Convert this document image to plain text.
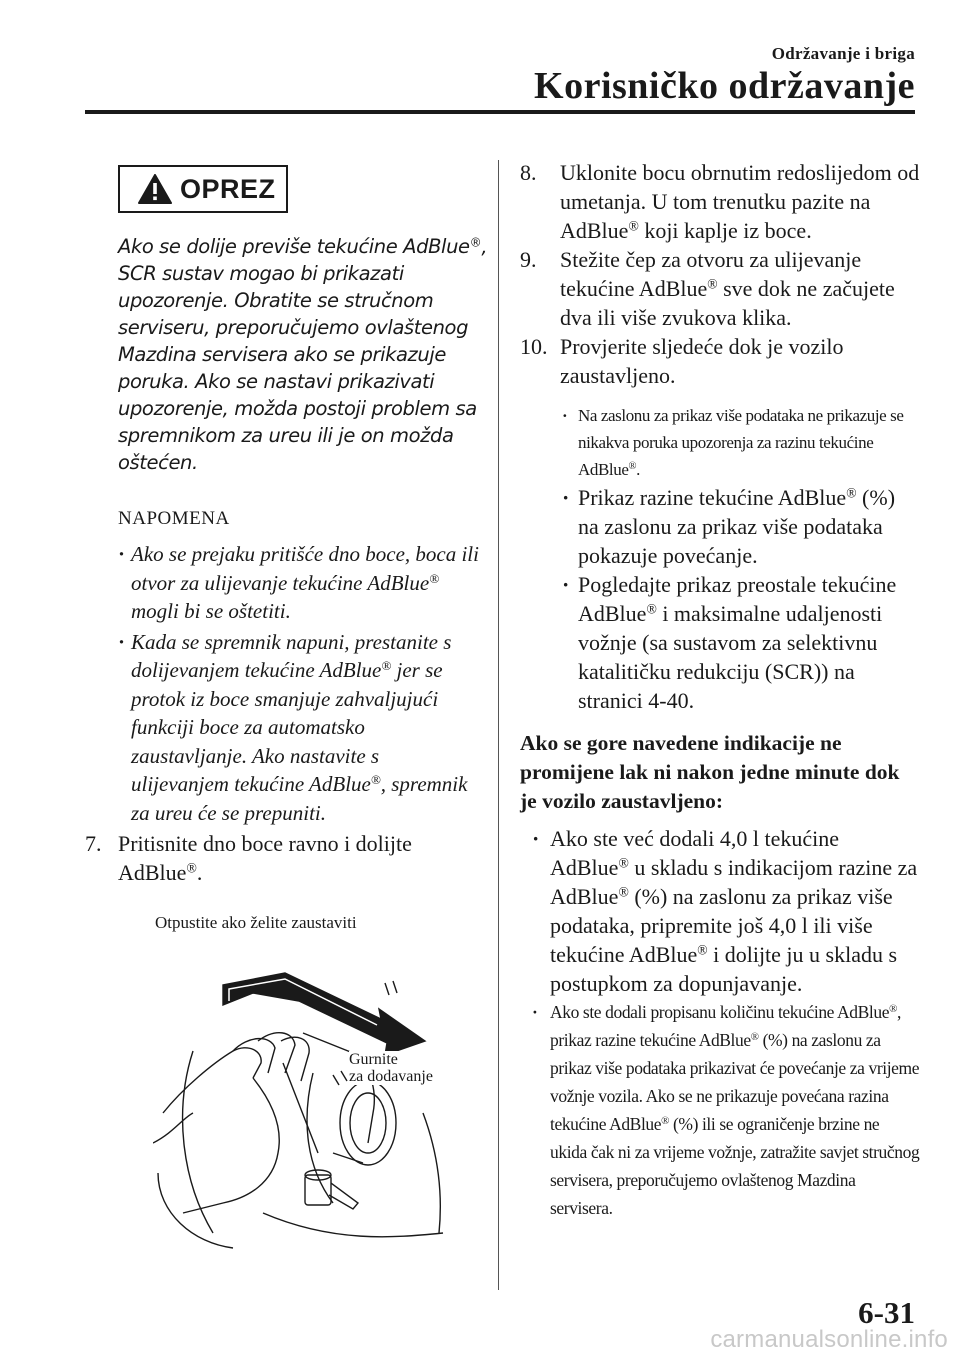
Održavanje i briga
Korisničko održavanje
OPREZ
Ako se dolije previše tekućine AdBlue®, SCR sustav mogao bi prikazati upozorenje. Obratite se stručnom serviseru, preporučujemo ovlaštenog Mazdinа servisera ako se prikazuje poruka. Ako se nastavi prikazivati upozorenje, možda postoji problem sa spremnikom za ureu ili je on možda oštećen.
NAPOMENA
· Ako se prejaku pritišće dno boce, boca ili otvor za ulijevanje tekućine AdBlue® mogli bi se oštetiti.
· Kada se spremnik napuni, prestanite s dolijevanjem tekućine AdBlue® jer se protok iz boce smanjuje zahvaljujući funkciji boce za automatsko zaustavljanje. Ako nastavite s ulijevanjem tekućine AdBlue®, spremnik za ureu će se prepuniti.
7. Pritisnite dno boce ravno i dolijte AdBlue®.
Otpustite ako želite zaustaviti
Gurnite
za dodavanje
8. Uklonite bocu obrnutim redoslijedom od umetanja. U tom trenutku pazite na AdBlue® koji kaplje iz boce.
9. Stežite čep za otvoru za ulijevanje tekućine AdBlue® sve dok ne začujete dva ili više zvukova klika.
10. Provjerite sljedeće dok je vozilo zaustavljeno.
· Na zaslonu za prikaz više podataka ne prikazuje se nikakva poruka upozorenja za razinu tekućine AdBlue®.
· Prikaz razine tekućine AdBlue® (%) na zaslonu za prikaz više podataka pokazuje povećanje.
· Pogledajte prikaz preostale tekućine AdBlue® i maksimalne udaljenosti vožnje (sa sustavom za selektivnu katalitičku redukciju (SCR)) na stranici 4-40.
Ako se gore navedene indikacije ne promijene lak ni nakon jedne minute dok je vozilo zaustavljeno:
· Ako ste već dodali 4,0 l tekućine AdBlue® u skladu s indikacijom razine za AdBlue® (%) na zaslonu za prikaz više podataka, pripremite još 4,0 l ili više tekućine AdBlue® i dolijte ju u skladu s postupkom za dopunjavanje.
· Ako ste dodali propisanu količinu tekućine AdBlue®, prikaz razine tekućine AdBlue® (%) na zaslonu za prikaz više podataka prikazivat će povećanje za vrijeme vožnje vozila. Ako se ne prikazuje povećana razina tekućine AdBlue® (%) ili se ograničenje brzine ne ukida čak ni za vrijeme vožnje, zatražite savjet stručnog servisera, preporučujemo ovlaštenog Mazdina servisera.
6-31
carmanualsonline.info
